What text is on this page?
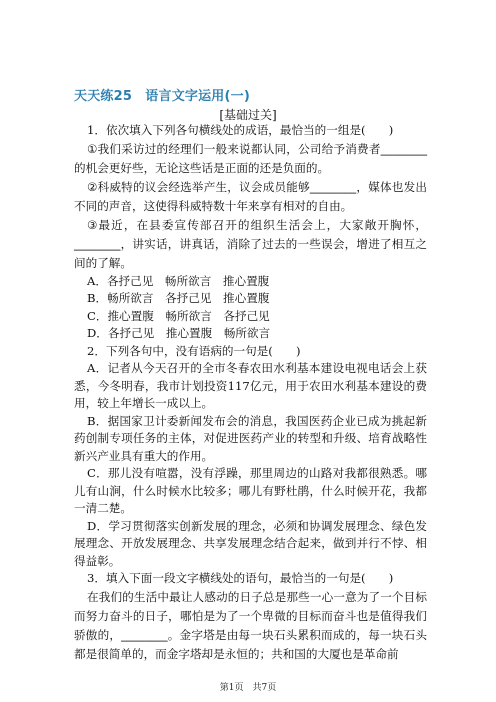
天天练25　语言文字运用(一)
[基础过关]

1．依次填入下列各句横线处的成语，最恰当的一组是(　　)

①我们采访过的经理们一般来说都认同，公司给予消费者________的机会更好些，无论这些话是正面的还是负面的。

②科威特的议会经选举产生，议会成员能够________，媒体也发出不同的声音，这使得科威特数十年来享有相对的自由。

③最近，在县委宣传部召开的组织生活会上，大家敞开胸怀，________，讲实话，讲真话，消除了过去的一些误会，增进了相互之间的了解。

A．各抒己见　畅所欲言　推心置腹

B．畅所欲言　各抒己见　推心置腹

C．推心置腹　畅所欲言　各抒己见

D．各抒己见　推心置腹　畅所欲言

2．下列各句中，没有语病的一句是(　　)

A．记者从今天召开的全市冬春农田水利基本建设电视电话会上获悉，今冬明春，我市计划投资117亿元，用于农田水利基本建设的费用，较上年增长一成以上。

B．据国家卫计委新闻发布会的消息，我国医药企业已成为挑起新药创制专项任务的主体，对促进医药产业的转型和升级、培育战略性新兴产业具有重大的作用。

C．那儿没有喧嚣，没有浮躁，那里周边的山路对我都很熟悉。哪儿有山涧，什么时候水比较多；哪儿有野杜鹃，什么时候开花，我都一清二楚。

D．学习贯彻落实创新发展的理念，必须和协调发展理念、绿色发展理念、开放发展理念、共享发展理念结合起来，做到并行不悖、相得益彰。

3．填入下面一段文字横线处的语句，最恰当的一句是(　　)

在我们的生活中最让人感动的日子总是那些一心一意为了一个目标而努力奋斗的日子，哪怕是为了一个卑微的目标而奋斗也是值得我们骄傲的，________。金字塔是由每一块石头累积而成的，每一块石头都是很简单的，而金字塔却是永恒的；共和国的大厦也是革命前

第1页　共7页
